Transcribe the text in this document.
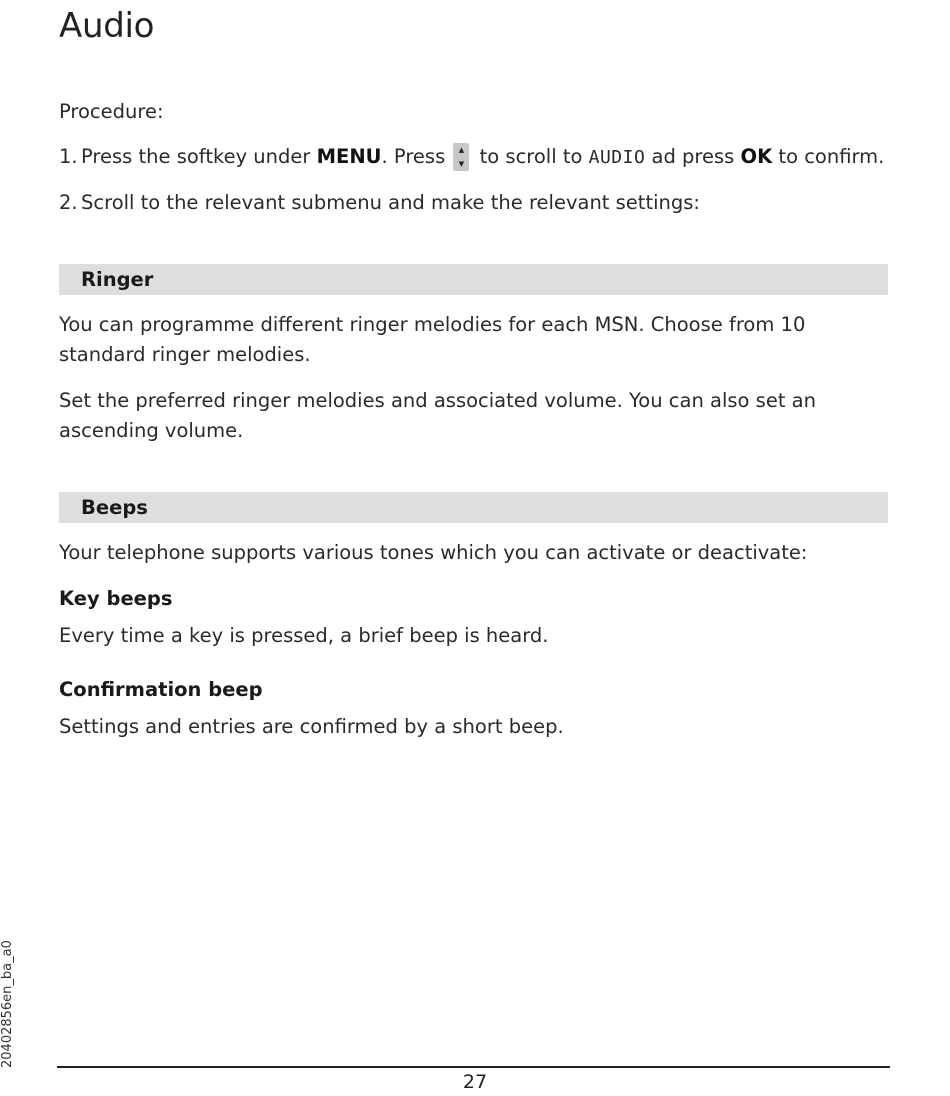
Audio

Procedure:

1. Press the softkey under MENU. Press	▲
▼ to scroll to AUDIO ad press OK to confirm.
2. Scroll to the relevant submenu and make the relevant settings:
Ringer

You can programme different ringer melodies for each MSN. Choose from 10 standard ringer melodies.

Set the preferred ringer melodies and associated volume. You can also set an ascending volume.

Beeps

Your telephone supports various tones which you can activate or deactivate:

Key beeps

Every time a key is pressed, a brief beep is heard.

Confirmation beep

Settings and entries are confirmed by a short beep.

20402856en_ba_a0
27
